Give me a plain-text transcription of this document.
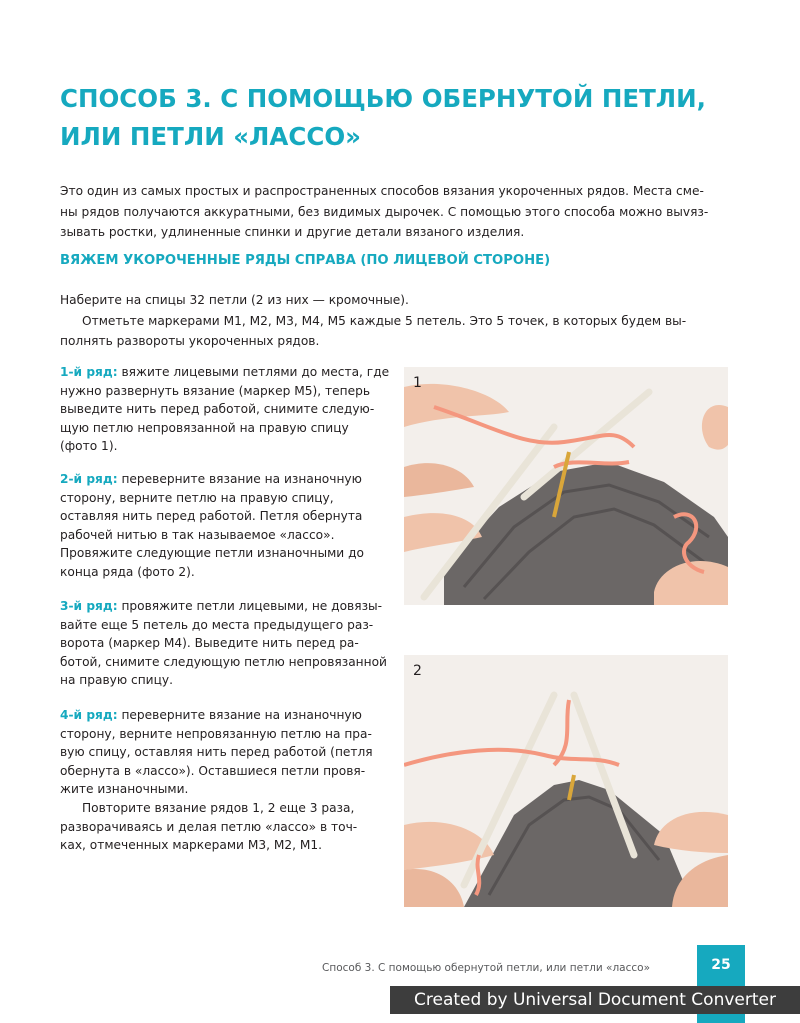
СПОСОБ 3. С ПОМОЩЬЮ ОБЕРНУТОЙ ПЕТЛИ,
ИЛИ ПЕТЛИ «ЛАССО»

Это один из самых простых и распространенных способов вязания укороченных рядов. Места сме-
ны рядов получаются аккуратными, без видимых дырочек. С помощью этого способа можно выvяз-
зывать ростки, удлиненные спинки и другие детали вязаного изделия.

ВЯЖЕМ УКОРОЧЕННЫЕ РЯДЫ СПРАВА (ПО ЛИЦЕВОЙ СТОРОНЕ)

Наберите на спицы 32 петли (2 из них — кромочные).
Отметьте маркерами М1, М2, М3, М4, М5 каждые 5 петель. Это 5 точек, в которых будем вы-
полнять развороты укороченных рядов.

1-й ряд: вяжите лицевыми петлями до места, где
нужно развернуть вязание (маркер М5), теперь
выведите нить перед работой, снимите следую-
щую петлю непровязанной на правую спицу
(фото 1).

2-й ряд: переверните вязание на изнаночную
сторону, верните петлю на правую спицу,
оставляя нить перед работой. Петля обернута
рабочей нитью в так называемое «лассо».
Провяжите следующие петли изнаночными до
конца ряда (фото 2).

3-й ряд: провяжите петли лицевыми, не довязы-
вайте еще 5 петель до места предыдущего раз-
ворота (маркер М4). Выведите нить перед ра-
ботой, снимите следующую петлю непровязанной
на правую спицу.

4-й ряд: переверните вязание на изнаночную
сторону, верните непровязанную петлю на пра-
вую спицу, оставляя нить перед работой (петля
обернута в «лассо»). Оставшиеся петли провя-
жите изнаночными.
Повторите вязание рядов 1, 2 еще 3 раза,
разворачиваясь и делая петлю «лассо» в точ-
ках, отмеченных маркерами М3, М2, М1.

1
2
Способ 3. С помощью обернутой петли, или петли «лассо»	25
Created by Universal Document Converter
